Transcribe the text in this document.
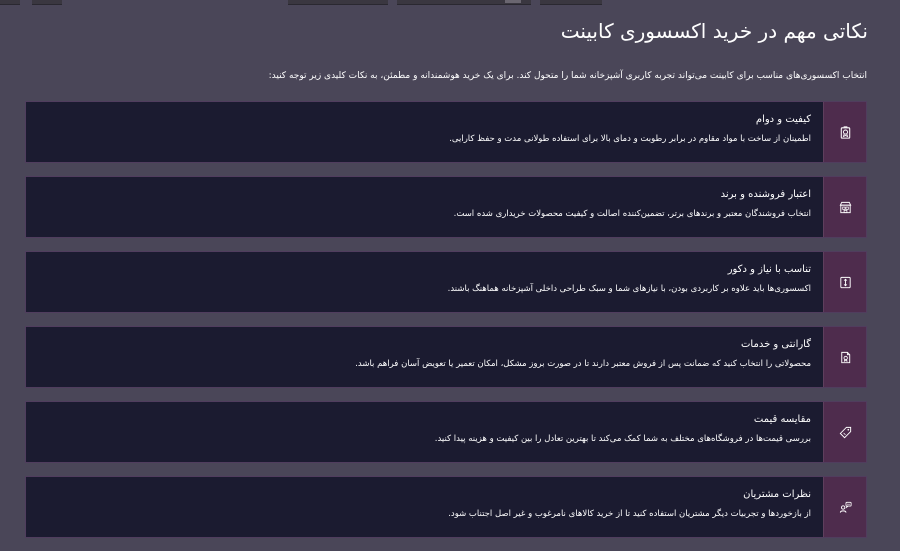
نکاتی مهم در خرید اکسسوری کابینت

انتخاب اکسسوری‌های مناسب برای کابینت می‌تواند تجربه کاربری آشپزخانه شما را متحول کند. برای یک خرید هوشمندانه و مطمئن، به نکات کلیدی زیر توجه کنید:

کیفیت و دوام
اطمینان از ساخت با مواد مقاوم در برابر رطوبت و دمای بالا برای استفاده طولانی مدت و حفظ کارایی.
اعتبار فروشنده و برند
انتخاب فروشندگان معتبر و برندهای برتر، تضمین‌کننده اصالت و کیفیت محصولات خریداری شده است.
تناسب با نیاز و دکور
اکسسوری‌ها باید علاوه بر کاربردی بودن، با نیازهای شما و سبک طراحی داخلی آشپزخانه هماهنگ باشند.
گارانتی و خدمات
محصولاتی را انتخاب کنید که ضمانت پس از فروش معتبر دارند تا در صورت بروز مشکل، امکان تعمیر یا تعویض آسان فراهم باشد.
مقایسه قیمت
بررسی قیمت‌ها در فروشگاه‌های مختلف به شما کمک می‌کند تا بهترین تعادل را بین کیفیت و هزینه پیدا کنید.
نظرات مشتریان
از بازخوردها و تجربیات دیگر مشتریان استفاده کنید تا از خرید کالاهای نامرغوب و غیر اصل اجتناب شود.
